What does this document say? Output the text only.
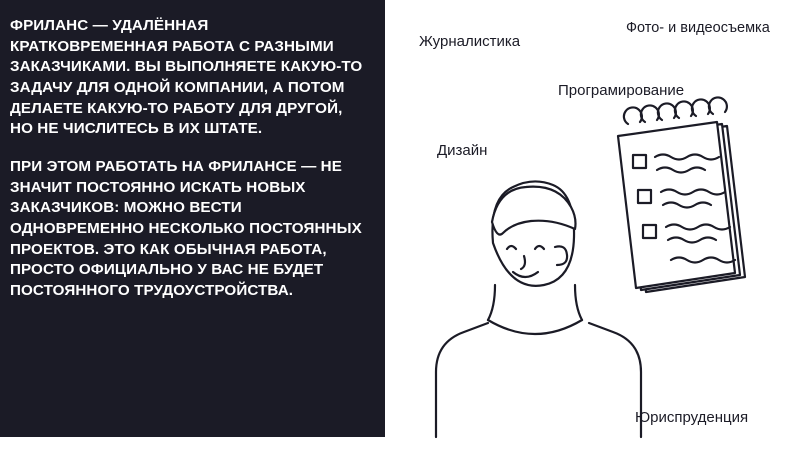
ФРИЛАНС — УДАЛЁННАЯ КРАТКОВРЕМЕННАЯ РАБОТА С РАЗНЫМИ ЗАКАЗЧИКАМИ. ВЫ ВЫПОЛНЯЕТЕ КАКУЮ-ТО ЗАДАЧУ ДЛЯ ОДНОЙ КОМПАНИИ, А ПОТОМ ДЕЛАЕТЕ КАКУЮ-ТО РАБОТУ ДЛЯ ДРУГОЙ, НО НЕ ЧИСЛИТЕСЬ В ИХ ШТАТЕ.

ПРИ ЭТОМ РАБОТАТЬ НА ФРИЛАНСЕ — НЕ ЗНАЧИТ ПОСТОЯННО ИСКАТЬ НОВЫХ ЗАКАЗЧИКОВ: МОЖНО ВЕСТИ ОДНОВРЕМЕННО НЕСКОЛЬКО ПОСТОЯННЫХ ПРОЕКТОВ. ЭТО КАК ОБЫЧНАЯ РАБОТА, ПРОСТО ОФИЦИАЛЬНО У ВАС НЕ БУДЕТ ПОСТОЯННОГО ТРУДОУСТРОЙСТВА.

Журналистика
Фото- и видеосъемка
Програмирование
Дизайн
Юриспруденция
